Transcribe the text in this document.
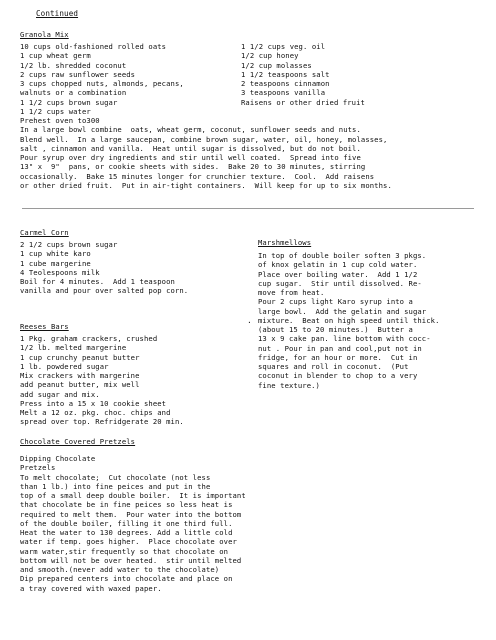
Continued
Granola Mix
10 cups old-fashioned rolled oats
1 cup wheat germ
1/2 lb. shredded coconut
2 cups raw sunflower seeds
3 cups chopped nuts, almonds, pecans,
walnuts or a combination
1 1/2 cups brown sugar
1 1/2 cups water
1 1/2 cups veg. oil
1/2 cup honey
1/2 cup molasses
1 1/2 teaspoons salt
2 teaspoons cinnamon
3 teaspoons vanilla
Raisens or other dried fruit
Prehest oven to300
In a large bowl combine  oats, wheat germ, coconut, sunflower seeds and nuts.
Blend well.  In a large saucepan, combine brown sugar, water, oil, honey, molasses,
salt , cinnamon and vanilla.  Heat until sugar is dissolved, but do not boil.
Pour syrup over dry ingredients and stir until well coated.  Spread into five
13" x  9"  pans, or cookie sheets with sides.  Bake 20 to 30 minutes, stirring
occasionally.  Bake 15 minutes longer for crunchier texture.  Cool.  Add raisens
or other dried fruit.  Put in air-tight containers.  Will keep for up to six months.
Carmel Corn
2 1/2 cups brown sugar
1 cup white karo
1 cube margerine
4 Teolespoons milk
Boil for 4 minutes.  Add 1 teaspoon
vanilla and pour over salted pop corn.
Reeses Bars
1 Pkg. graham crackers, crushed
1/2 lb. melted margerine
1 cup crunchy peanut butter
1 lb. powdered sugar
Mix crackers with margerine
add peanut butter, mix well
add sugar and mix.
Press into a 15 x 10 cookie sheet
Melt a 12 oz. pkg. choc. chips and
spread over top. Refridgerate 20 min.
Marshmellows
In top of double boiler soften 3 pkgs.
of knox gelatin in 1 cup cold water.
Place over boiling water.  Add 1 1/2
cup sugar.  Stir until dissolved. Re-
move from heat.
Pour 2 cups light Karo syrup into a
large bowl.  Add the gelatin and sugar
mixture.  Beat on high speed until thick.
(about 15 to 20 minutes.)  Butter a
13 x 9 cake pan. line bottom with cocc-
nut . Pour in pan and cool,put not in
fridge, for an hour or more.  Cut in
squares and roll in coconut.  (Put
coconut in blender to chop to a very
fine texture.)
.
Chocolate Covered Pretzels
Dipping Chocolate
Pretzels
To melt chocolate;  Cut chocolate (not less
than 1 lb.) into fine peices and put in the
top of a small deep double boiler.  It is important
that chocolate be in fine peices so less heat is
required to melt them.  Pour water into the bottom
of the double boiler, filling it one third full.
Heat the water to 130 degrees. Add a little cold
water if temp. goes higher.  Place chocolate over
warm water,stir frequently so that chocolate on
bottom will not be over heated.  stir until melted
and smooth.(never add water to the chocolate)
Dip prepared centers into chocolate and place on
a tray covered with waxed paper.
